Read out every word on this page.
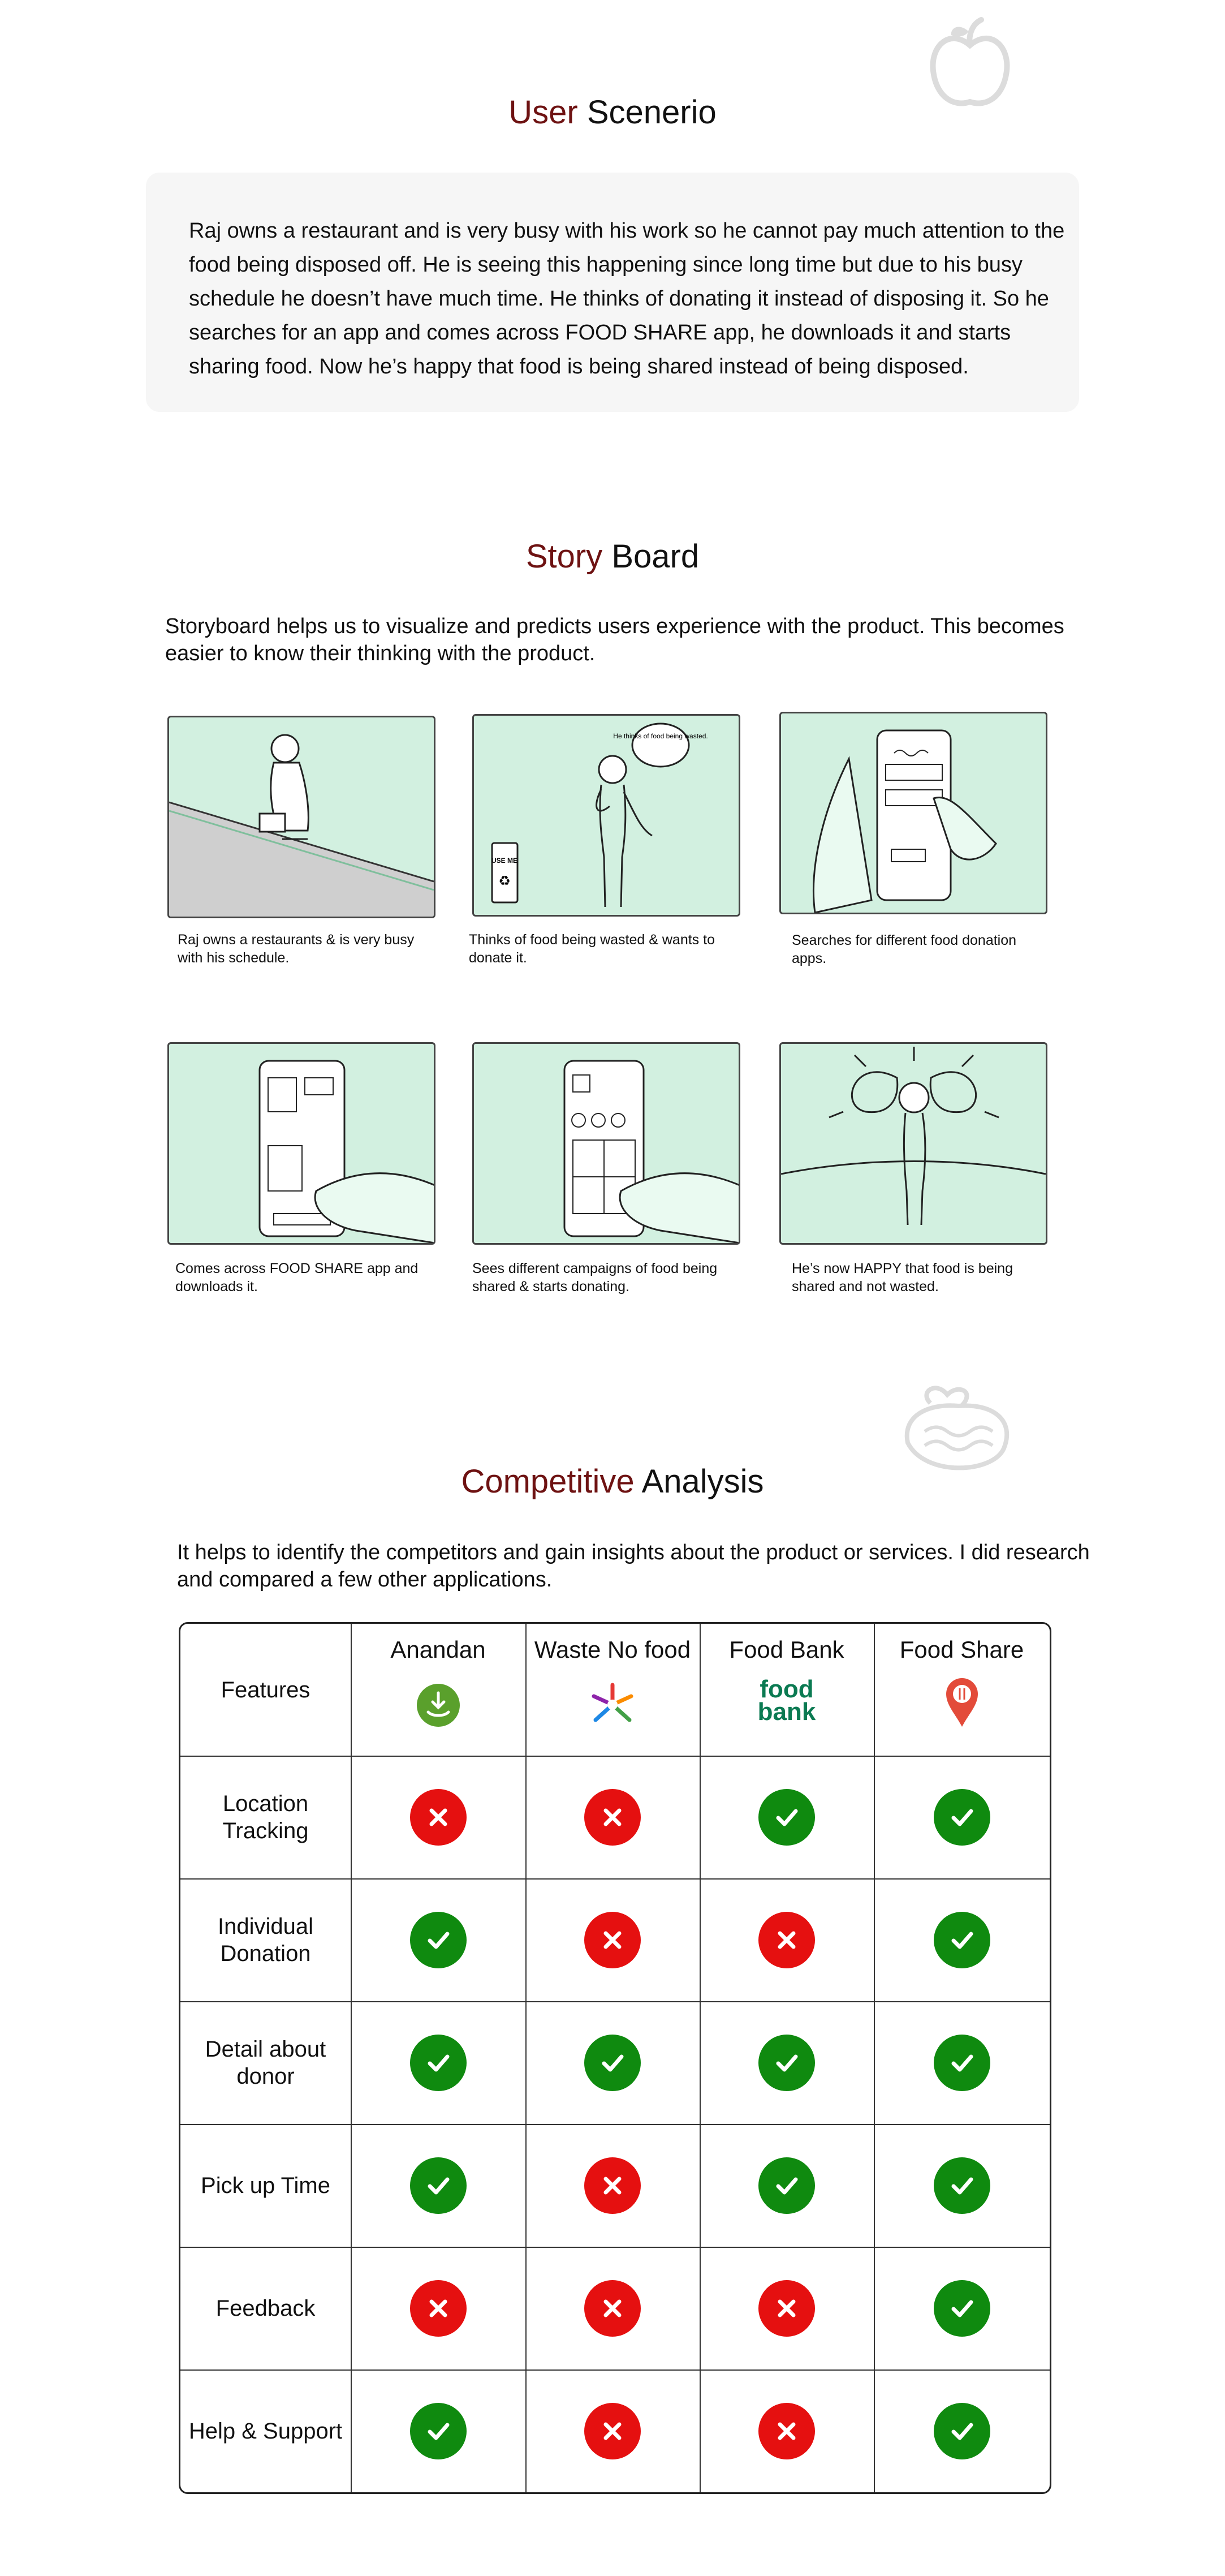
User Scenerio
Raj owns a restaurant and is very busy with his work so he cannot pay much attention to the food being disposed off. He is seeing this happening since long time but due to his busy schedule he doesn’t have much time. He thinks of donating it instead of disposing it. So he searches for an app and comes across FOOD SHARE app, he downloads it and starts sharing food. Now he’s happy that food is being shared instead of being disposed.
Story Board
Storyboard helps us to visualize and predicts users experience with the product. This becomes easier to know their thinking with the product.
Raj owns a restaurants & is very busy with his schedule.
He thinks of food being wasted.
USE ME
♻
Thinks of food being wasted & wants to donate it.
Searches for different food donation apps.
Comes across FOOD SHARE app and downloads it.
Sees different campaigns of food being shared & starts donating.
He’s now HAPPY that food is being shared and not wasted.
Competitive Analysis
It helps to identify the competitors and gain insights about the product or services. I did research and compared a few other applications.
Features
Anandan Waste No food Food Bank
food
bank
Food Share
Location Tracking
Individual Donation
Detail about donor
Pick up Time
Feedback
Help & Support
